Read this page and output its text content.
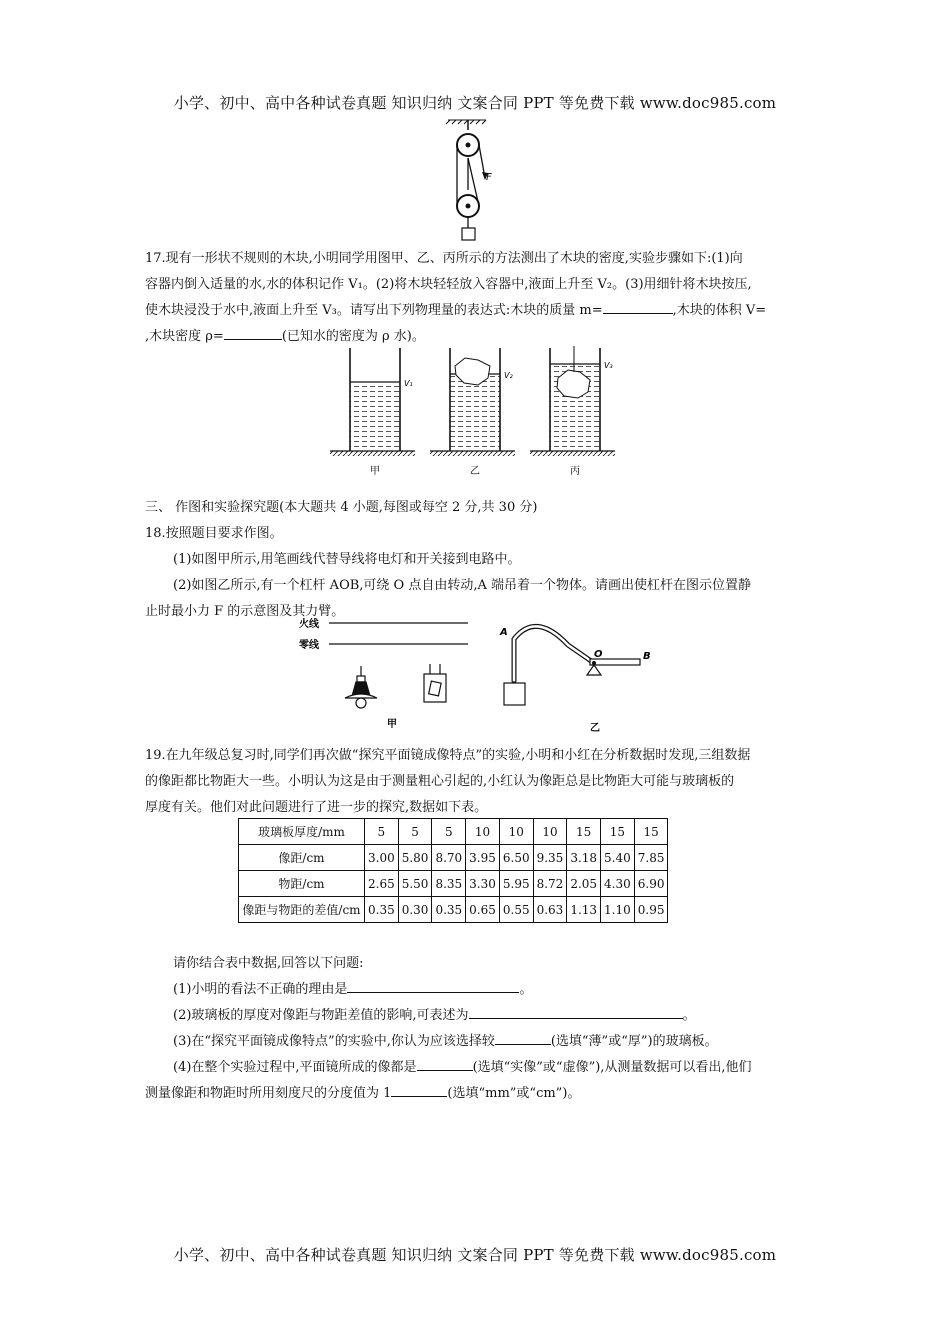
小学、初中、高中各种试卷真题 知识归纳 文案合同 PPT 等免费下载 www.doc985.com
F
17.现有一形状不规则的木块,小明同学用图甲、乙、丙所示的方法测出了木块的密度,实验步骤如下:(1)向
容器内倒入适量的水,水的体积记作 V₁。(2)将木块轻轻放入容器中,液面上升至 V₂。(3)用细针将木块按压,
使木块浸没于水中,液面上升至 V₃。请写出下列物理量的表达式:木块的质量 m=	,木块的体积 V=
,木块密度 ρ=	(已知水的密度为 ρ 水)。
V₁
甲
V₂
乙
V₃
丙
三、 作图和实验探究题(本大题共 4 小题,每图或每空 2 分,共 30 分)
18.按照题目要求作图。
(1)如图甲所示,用笔画线代替导线将电灯和开关接到电路中。
(2)如图乙所示,有一个杠杆 AOB,可绕 O 点自由转动,A 端吊着一个物体。请画出使杠杆在图示位置静
止时最小力 F 的示意图及其力臂。
火线
零线
甲
A
O	B
乙
19.在九年级总复习时,同学们再次做“探究平面镜成像特点”的实验,小明和小红在分析数据时发现,三组数据
的像距都比物距大一些。小明认为这是由于测量粗心引起的,小红认为像距总是比物距大可能与玻璃板的
厚度有关。他们对此问题进行了进一步的探究,数据如下表。
玻璃板厚度/mm	5	5	5	10	10	10	15	15	15
像距/cm	3.00	5.80	8.70	3.95	6.50	9.35	3.18	5.40	7.85
物距/cm	2.65	5.50	8.35	3.30	5.95	8.72	2.05	4.30	6.90
像距与物距的差值/cm	0.35	0.30	0.35	0.65	0.55	0.63	1.13	1.10	0.95
请你结合表中数据,回答以下问题:
(1)小明的看法不正确的理由是	。
(2)玻璃板的厚度对像距与物距差值的影响,可表述为	。
(3)在“探究平面镜成像特点”的实验中,你认为应该选择较	(选填“薄”或“厚”)的玻璃板。
(4)在整个实验过程中,平面镜所成的像都是	(选填“实像”或“虚像”),从测量数据可以看出,他们
测量像距和物距时所用刻度尺的分度值为 1	(选填“mm”或“cm”)。
小学、初中、高中各种试卷真题 知识归纳 文案合同 PPT 等免费下载 www.doc985.com
